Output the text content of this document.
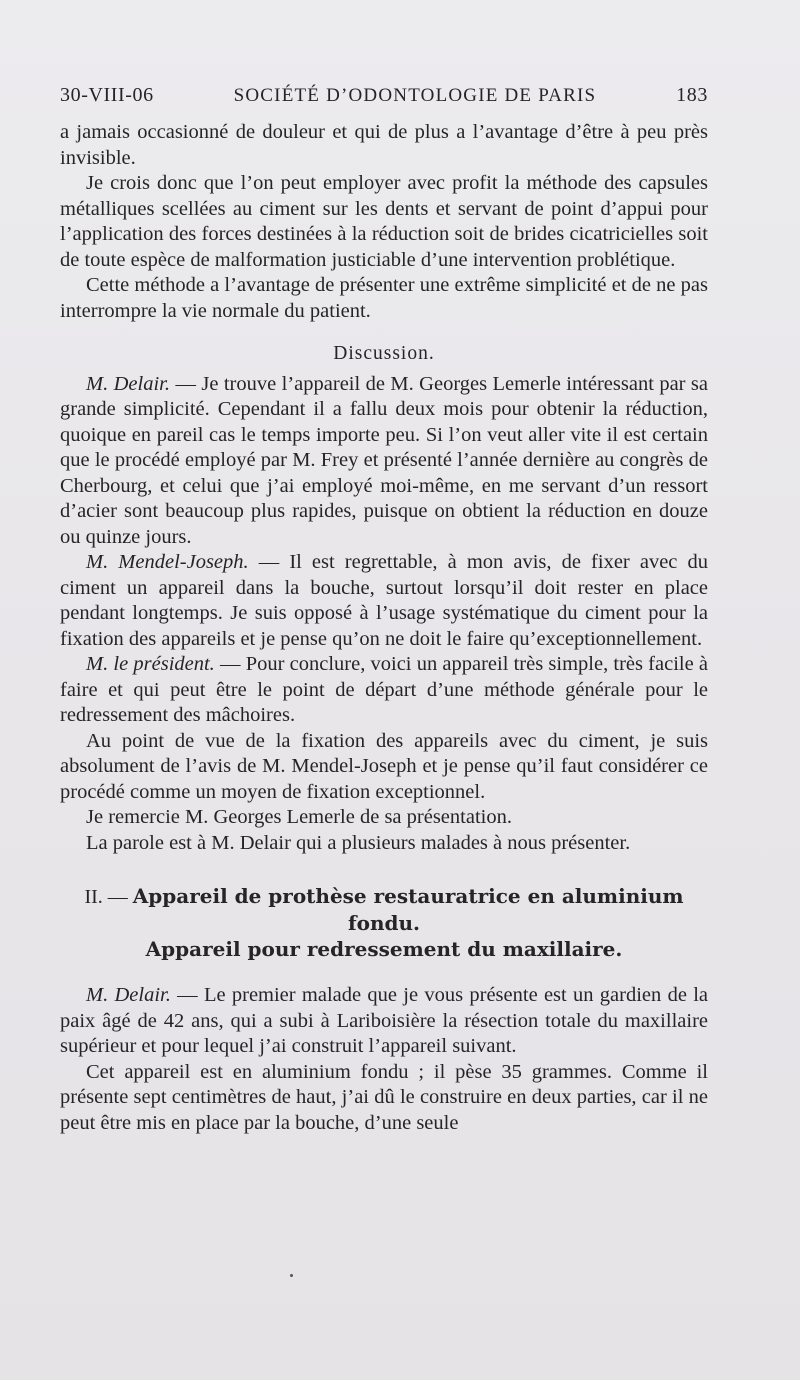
30-VIII-06	SOCIÉTÉ D’ODONTOLOGIE DE PARIS	183

a jamais occasionné de douleur et qui de plus a l’avantage d’être à peu près invisible.

Je crois donc que l’on peut employer avec profit la méthode des capsules métalliques scellées au ciment sur les dents et servant de point d’appui pour l’application des forces destinées à la réduction soit de brides cicatricielles soit de toute espèce de malformation justiciable d’une intervention problétique.

Cette méthode a l’avantage de présenter une extrême simplicité et de ne pas interrompre la vie normale du patient.

Discussion.

M. Delair. — Je trouve l’appareil de M. Georges Lemerle intéressant par sa grande simplicité. Cependant il a fallu deux mois pour obtenir la réduction, quoique en pareil cas le temps importe peu. Si l’on veut aller vite il est certain que le procédé employé par M. Frey et présenté l’année dernière au congrès de Cherbourg, et celui que j’ai employé moi-même, en me servant d’un ressort d’acier sont beaucoup plus rapides, puisque on obtient la réduction en douze ou quinze jours.

M. Mendel-Joseph. — Il est regrettable, à mon avis, de fixer avec du ciment un appareil dans la bouche, surtout lorsqu’il doit rester en place pendant longtemps. Je suis opposé à l’usage systématique du ciment pour la fixation des appareils et je pense qu’on ne doit le faire qu’exceptionnellement.

M. le président. — Pour conclure, voici un appareil très simple, très facile à faire et qui peut être le point de départ d’une méthode générale pour le redressement des mâchoires.

Au point de vue de la fixation des appareils avec du ciment, je suis absolument de l’avis de M. Mendel-Joseph et je pense qu’il faut considérer ce procédé comme un moyen de fixation exceptionnel.

Je remercie M. Georges Lemerle de sa présentation.

La parole est à M. Delair qui a plusieurs malades à nous présenter.

II. — Appareil de prothèse restauratrice en aluminium fondu.
Appareil pour redressement du maxillaire.

M. Delair. — Le premier malade que je vous présente est un gardien de la paix âgé de 42 ans, qui a subi à Lariboisière la résection totale du maxillaire supérieur et pour lequel j’ai construit l’appareil suivant.

Cet appareil est en aluminium fondu ; il pèse 35 grammes. Comme il présente sept centimètres de haut, j’ai dû le construire en deux parties, car il ne peut être mis en place par la bouche, d’une seule
